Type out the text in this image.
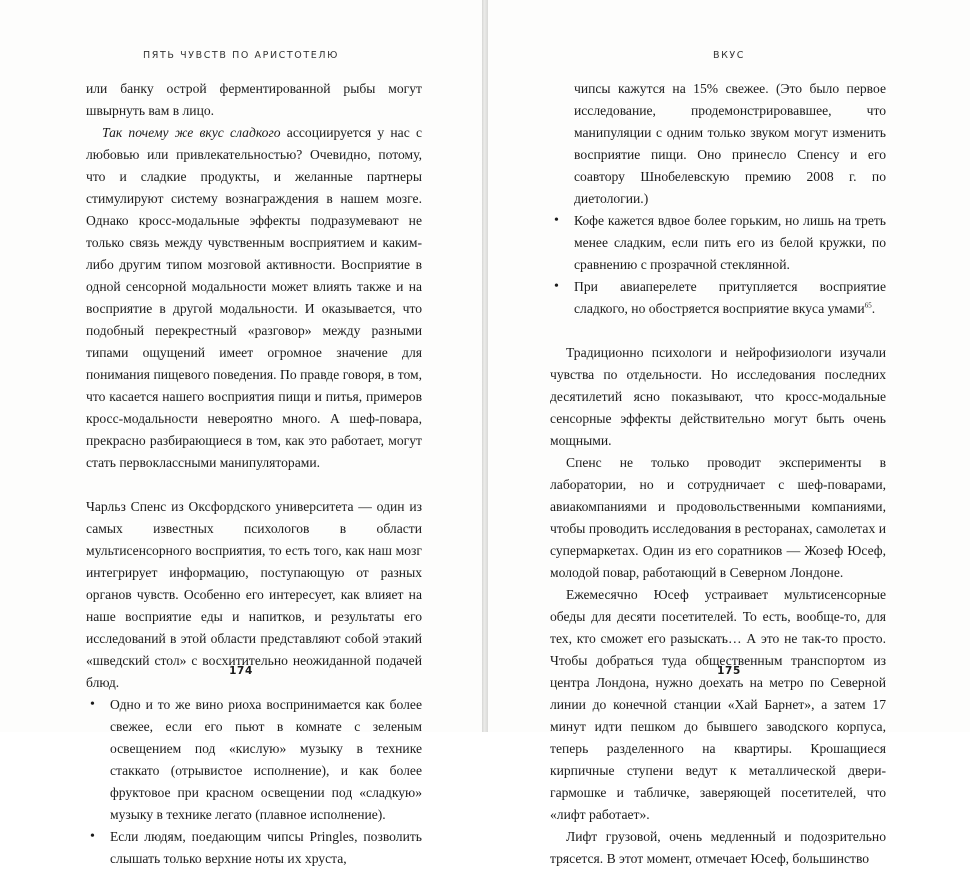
ПЯТЬ ЧУВСТВ ПО АРИСТОТЕЛЮ

или банку острой ферментированной рыбы могут швырнуть вам в лицо.

Так почему же вкус сладкого ассоциируется у нас с любовью или привлекательностью? Очевидно, потому, что и сладкие продукты, и желанные партнеры стимулируют систему вознаграждения в нашем мозге. Однако кросс-модальные эффекты подразумевают не только связь между чувственным восприятием и каким-либо другим типом мозговой активности. Восприятие в одной сенсорной модальности может влиять также и на восприятие в другой модальности. И оказывается, что подобный перекрестный «разговор» между разными типами ощущений имеет огромное значение для понимания пищевого поведения. По правде говоря, в том, что касается нашего восприятия пищи и питья, примеров кросс-модальности невероятно много. А шеф-повара, прекрасно разбирающиеся в том, как это работает, могут стать первоклассными манипуляторами.

Чарльз Спенс из Оксфордского университета — один из самых известных психологов в области мультисенсорного восприятия, то есть того, как наш мозг интегрирует информацию, поступающую от разных органов чувств. Особенно его интересует, как влияет на наше восприятие еды и напитков, и результаты его исследований в этой области представляют собой этакий «шведский стол» с восхитительно неожиданной подачей блюд.

• Одно и то же вино риоха воспринимается как более свежее, если его пьют в комнате с зеленым освещением под «кислую» музыку в технике стаккато (отрывистое исполнение), и как более фруктовое при красном освещении под «сладкую» музыку в технике легато (плавное исполнение).
• Если людям, поедающим чипсы Pringles, позволить слышать только верхние ноты их хруста,
174
ВКУС
чипсы кажутся на 15% свежее. (Это было первое исследование, продемонстрировавшее, что манипуляции с одним только звуком могут изменить восприятие пищи. Оно принесло Спенсу и его соавтору Шнобелевскую премию 2008 г. по диетологии.)
• Кофе кажется вдвое более горьким, но лишь на треть менее сладким, если пить его из белой кружки, по сравнению с прозрачной стеклянной.
• При авиаперелете притупляется восприятие сладкого, но обостряется восприятие вкуса умами$^{65}$.

Традиционно психологи и нейрофизиологи изучали чувства по отдельности. Но исследования последних десятилетий ясно показывают, что кросс-модальные сенсорные эффекты действительно могут быть очень мощными.

Спенс не только проводит эксперименты в лаборатории, но и сотрудничает с шеф-поварами, авиакомпаниями и продовольственными компаниями, чтобы проводить исследования в ресторанах, самолетах и супермаркетах. Один из его соратников — Жозеф Юсеф, молодой повар, работающий в Северном Лондоне.

Ежемесячно Юсеф устраивает мультисенсорные обеды для десяти посетителей. То есть, вообще-то, для тех, кто сможет его разыскать… А это не так-то просто. Чтобы добраться туда общественным транспортом из центра Лондона, нужно доехать на метро по Северной линии до конечной станции «Хай Барнет», а затем 17 минут идти пешком до бывшего заводского корпуса, теперь разделенного на квартиры. Крошащиеся кирпичные ступени ведут к металлической двери-гармошке и табличке, заверяющей посетителей, что «лифт работает».

Лифт грузовой, очень медленный и подозрительно трясется. В этот момент, отмечает Юсеф, большинство

175
